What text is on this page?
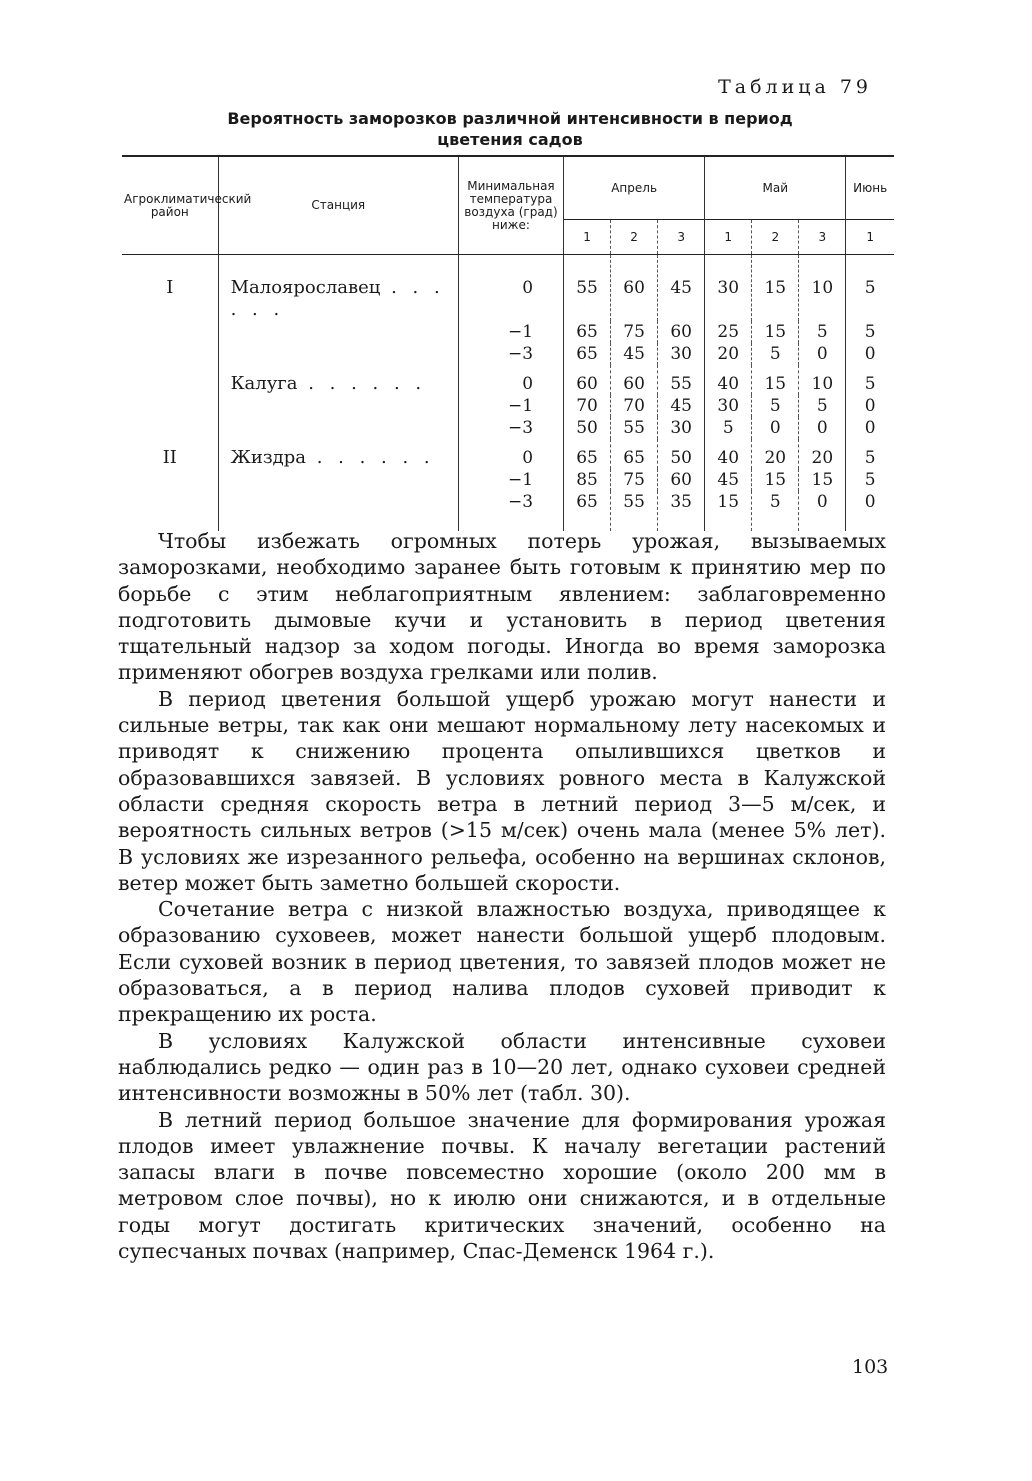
Таблица 79
Вероятность заморозков различной интенсивности в период цветения садов
Агроклиматический район	Станция	Минимальная температура воздуха (град) ниже:	Апрель			Май			Июнь
			1	2	3	1	2	3	1
I	Малоярославец . . . . . .	0	55	60	45	30	15	10	5
		−1	65	75	60	25	15	5	5
		−3	65	45	30	20	5	0	0
	Калуга . . . . . .	0	60	60	55	40	15	10	5
		−1	70	70	45	30	5	5	0
		−3	50	55	30	5	0	0	0
II	Жиздра . . . . . .	0	65	65	50	40	20	20	5
		−1	85	75	60	45	15	15	5
		−3	65	55	35	15	5	0	0

Чтобы избежать огромных потерь урожая, вызываемых заморозками, необходимо заранее быть готовым к принятию мер по борьбе с этим неблагоприятным явлением: заблаговременно подготовить дымовые кучи и установить в период цветения тщательный надзор за ходом погоды. Иногда во время заморозка применяют обогрев воздуха грелками или полив.

В период цветения большой ущерб урожаю могут нанести и сильные ветры, так как они мешают нормальному лету насекомых и приводят к снижению процента опылившихся цветков и образовавшихся завязей. В условиях ровного места в Калужской области средняя скорость ветра в летний период 3—5 м/сек, и вероятность сильных ветров (>15 м/сек) очень мала (менее 5% лет). В условиях же изрезанного рельефа, особенно на вершинах склонов, ветер может быть заметно большей скорости.

Сочетание ветра с низкой влажностью воздуха, приводящее к образованию суховеев, может нанести большой ущерб плодовым. Если суховей возник в период цветения, то завязей плодов может не образоваться, а в период налива плодов суховей приводит к прекращению их роста.

В условиях Калужской области интенсивные суховеи наблюдались редко — один раз в 10—20 лет, однако суховеи средней интенсивности возможны в 50% лет (табл. 30).

В летний период большое значение для формирования урожая плодов имеет увлажнение почвы. К началу вегетации растений запасы влаги в почве повсеместно хорошие (около 200 мм в метровом слое почвы), но к июлю они снижаются, и в отдельные годы могут достигать критических значений, особенно на супесчаных почвах (например, Спас-Деменск 1964 г.).

103
